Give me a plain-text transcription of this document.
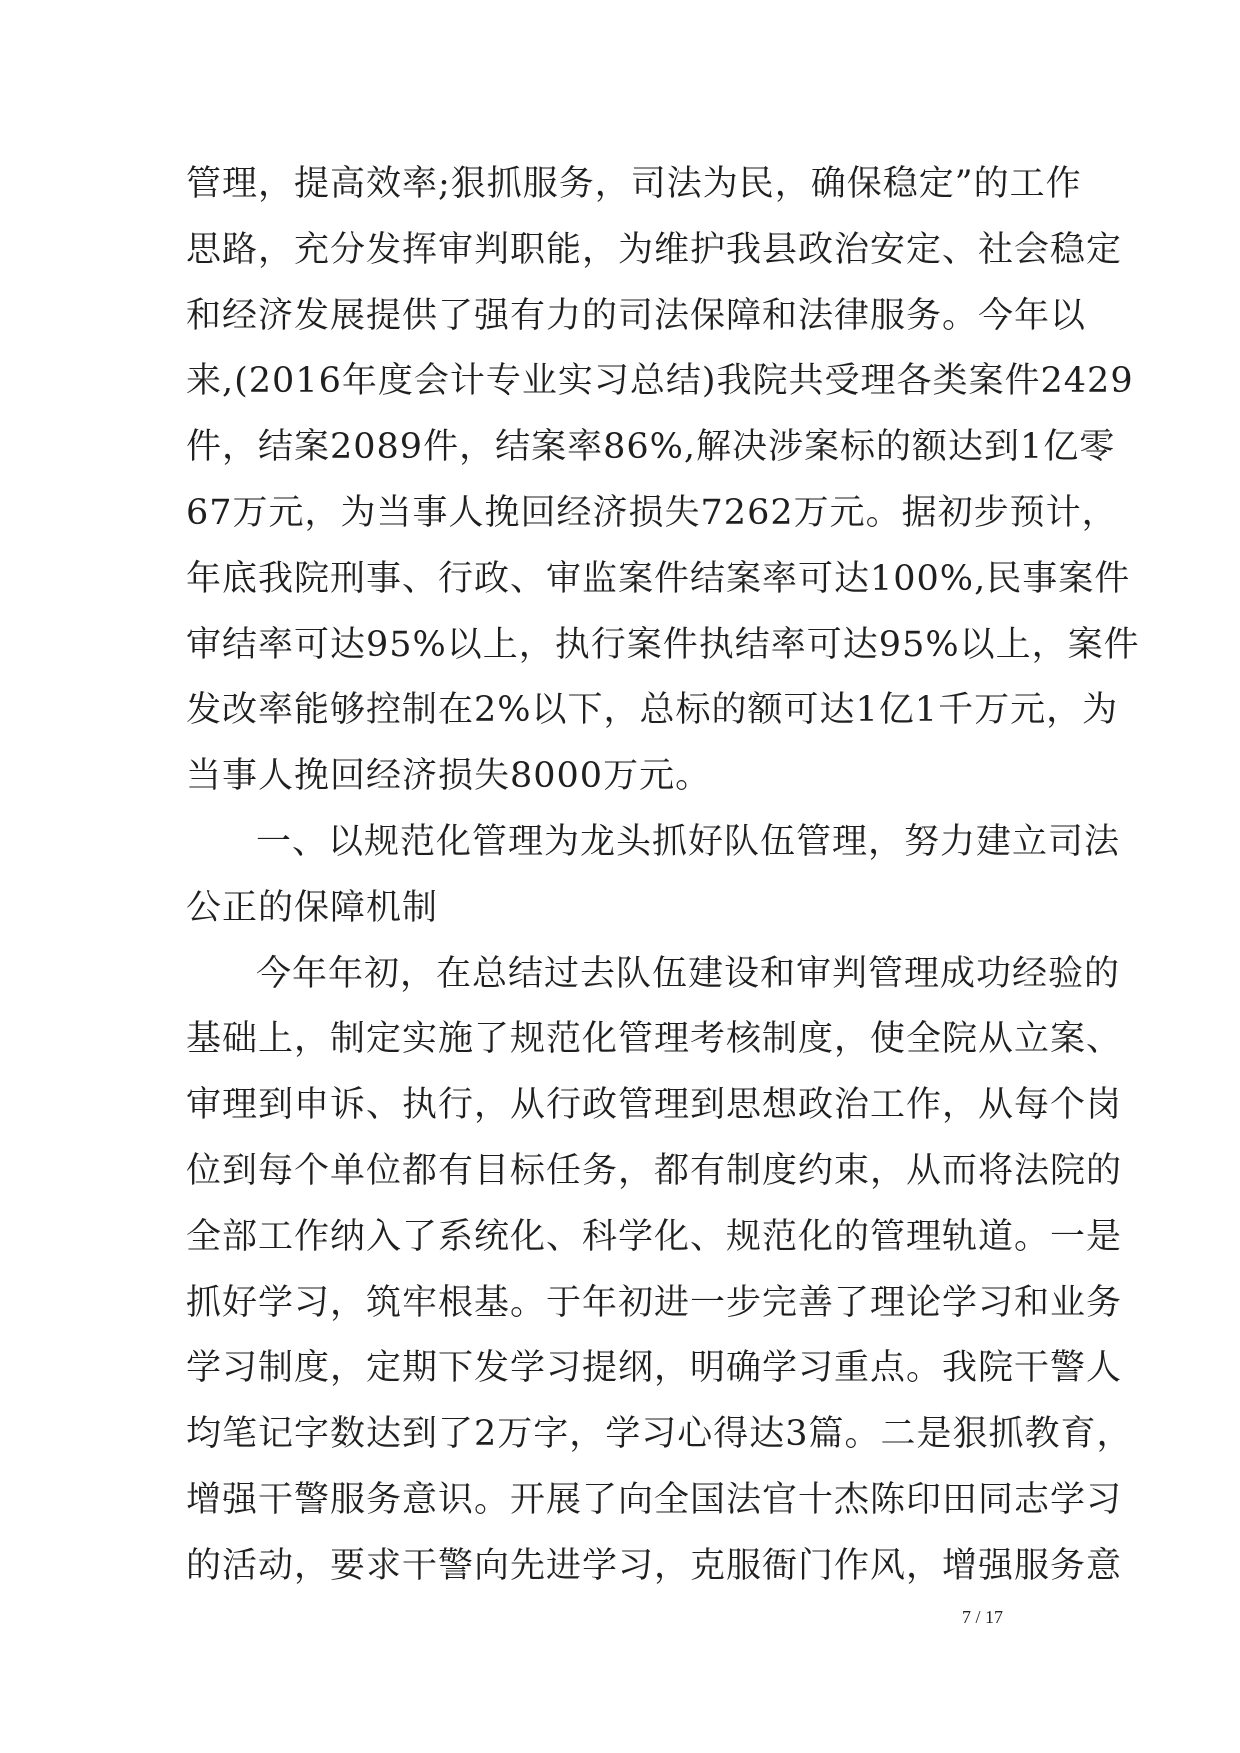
管理，提高效率;狠抓服务，司法为民，确保稳定”的工作
思路，充分发挥审判职能，为维护我县政治安定、社会稳定
和经济发展提供了强有力的司法保障和法律服务。今年以
来,(2016年度会计专业实习总结)我院共受理各类案件2429
件，结案2089件，结案率86%,解决涉案标的额达到1亿零
67万元，为当事人挽回经济损失7262万元。据初步预计，
年底我院刑事、行政、审监案件结案率可达100%,民事案件
审结率可达95%以上，执行案件执结率可达95%以上，案件
发改率能够控制在2%以下，总标的额可达1亿1千万元，为
当事人挽回经济损失8000万元。
一、以规范化管理为龙头抓好队伍管理，努力建立司法
公正的保障机制
今年年初，在总结过去队伍建设和审判管理成功经验的
基础上，制定实施了规范化管理考核制度，使全院从立案、
审理到申诉、执行，从行政管理到思想政治工作，从每个岗
位到每个单位都有目标任务，都有制度约束，从而将法院的
全部工作纳入了系统化、科学化、规范化的管理轨道。一是
抓好学习，筑牢根基。于年初进一步完善了理论学习和业务
学习制度，定期下发学习提纲，明确学习重点。我院干警人
均笔记字数达到了2万字，学习心得达3篇。二是狠抓教育，
增强干警服务意识。开展了向全国法官十杰陈印田同志学习
的活动，要求干警向先进学习，克服衙门作风，增强服务意
7 / 17
